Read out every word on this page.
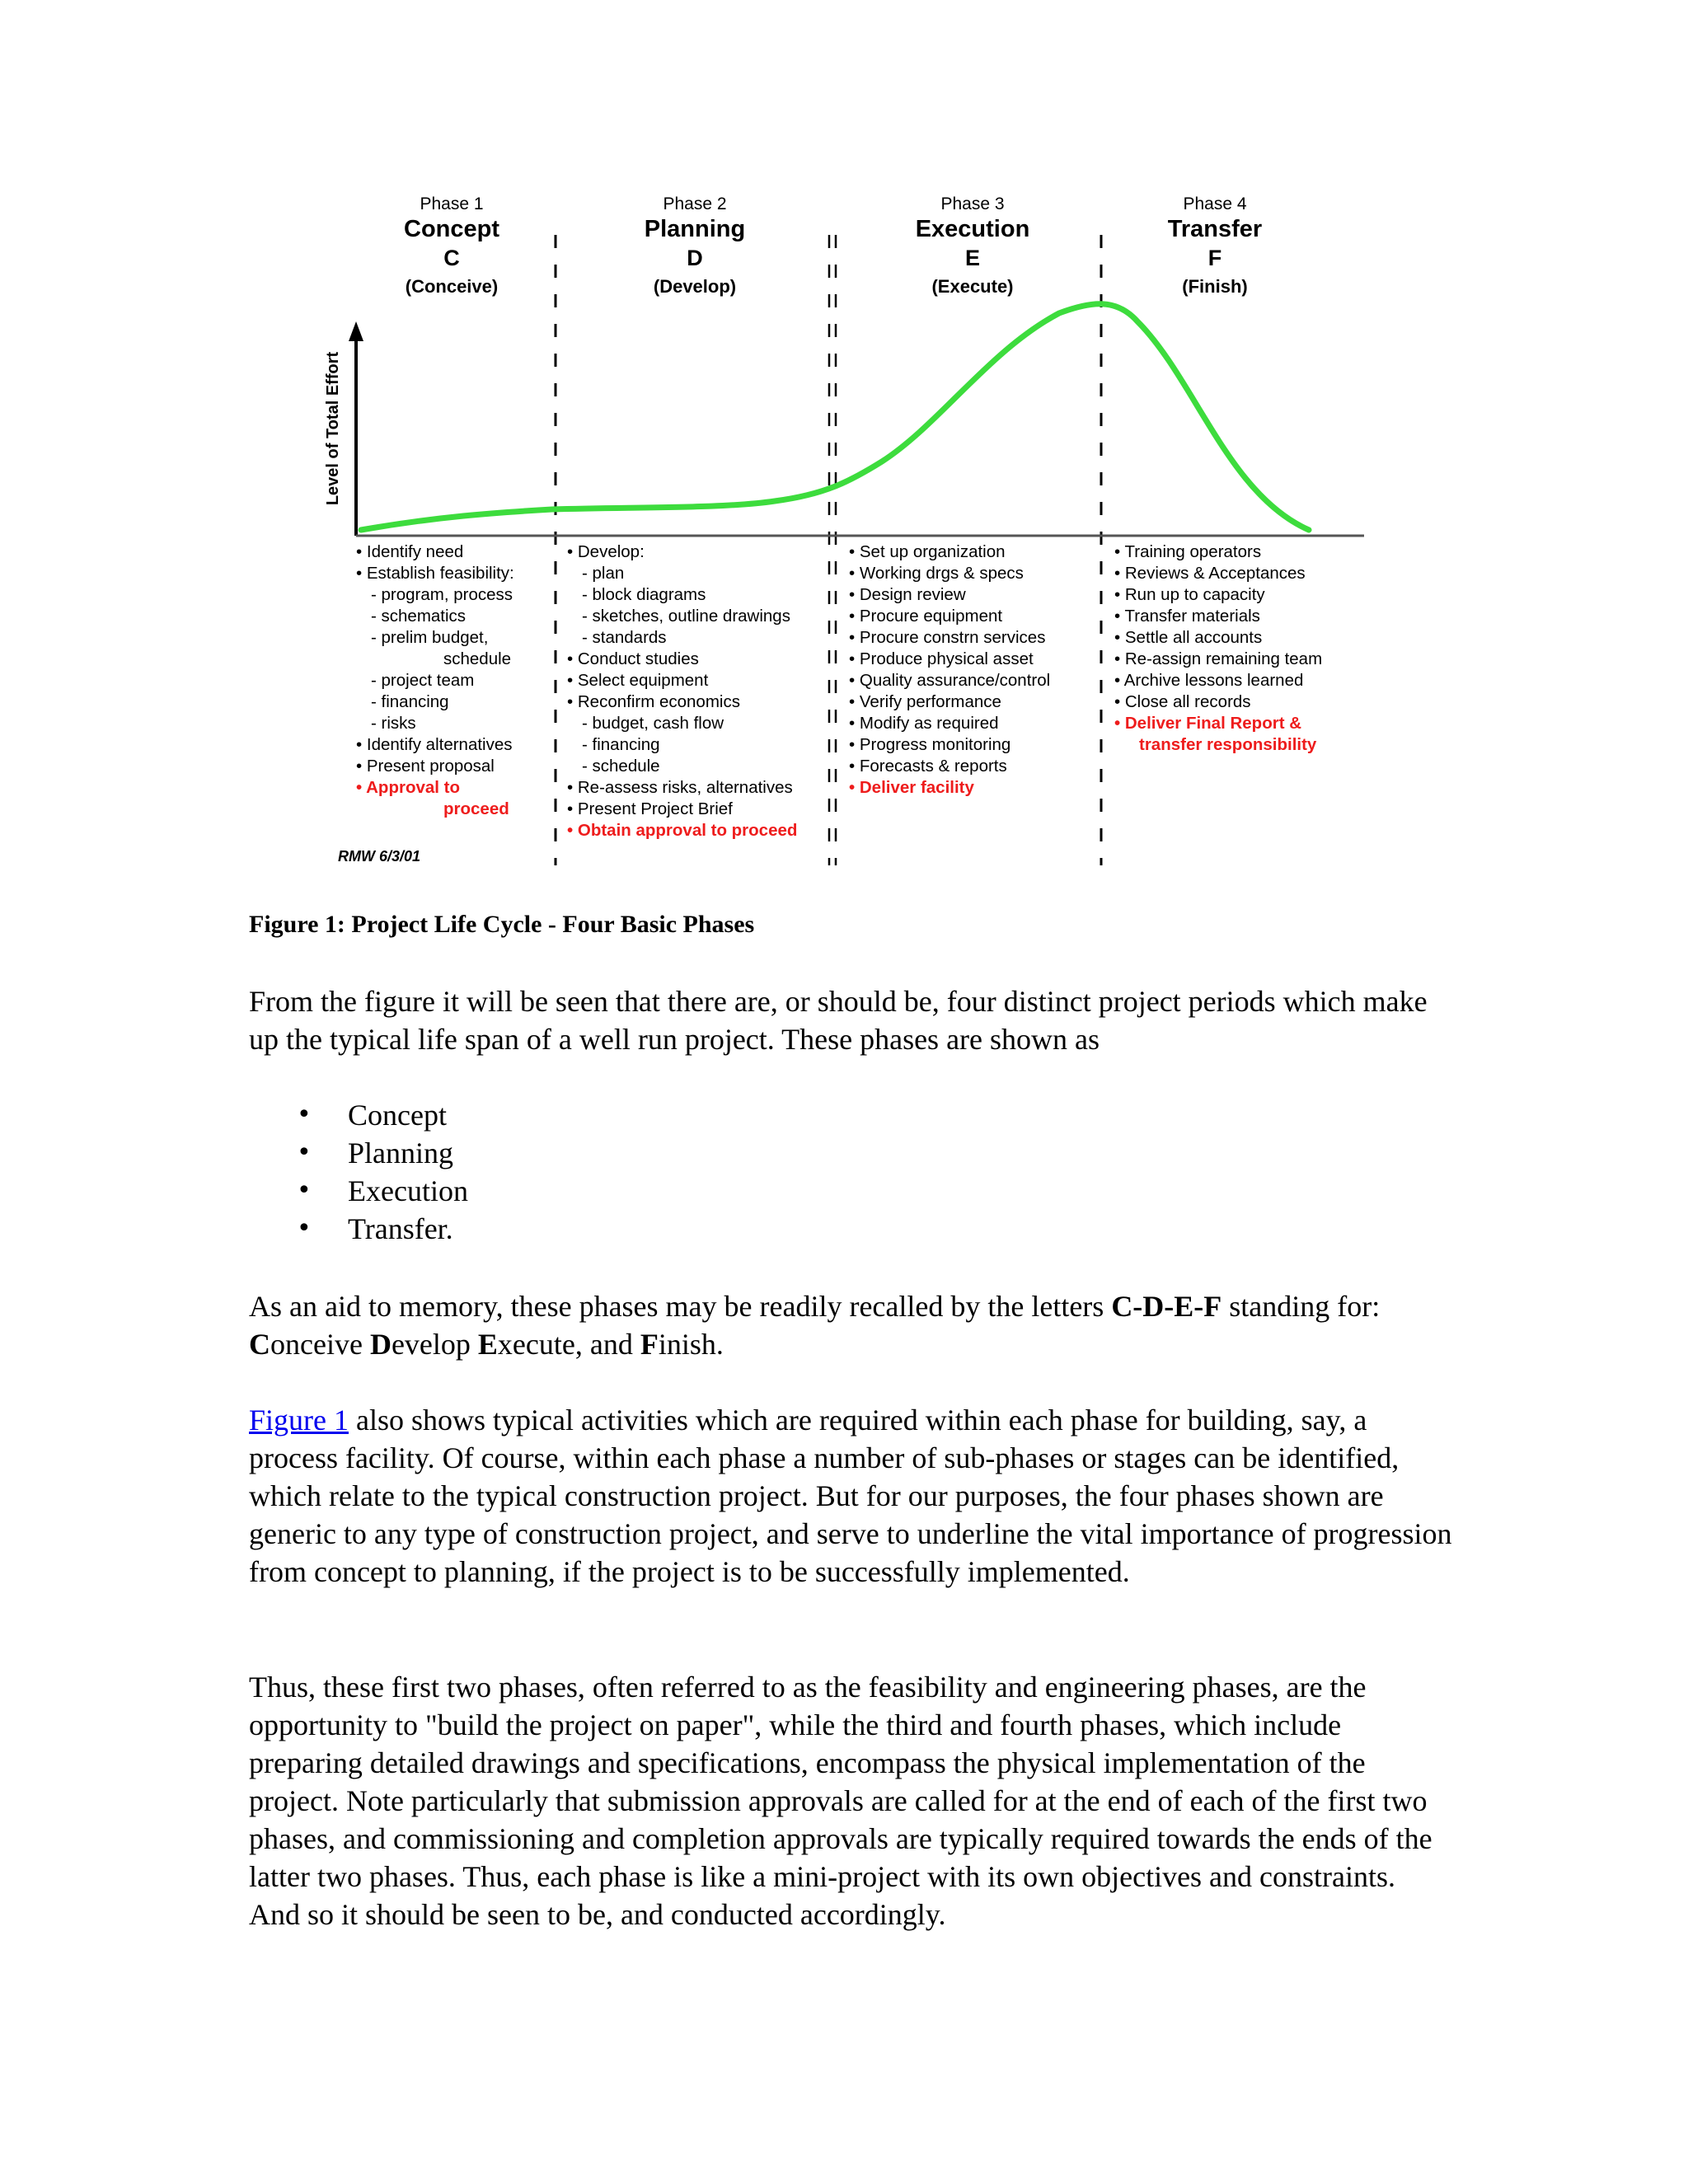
Phase 1
Concept
C
(Conceive)
Phase 2
Planning
D
(Develop)
Phase 3
Execution
E
(Execute)
Phase 4
Transfer
F
(Finish)
Level of Total Effort
• Identify need
• Establish feasibility:
- program, process
- schematics
- prelim budget,
schedule
- project team
- financing
- risks
• Identify alternatives
• Present proposal
• Approval to
proceed
• Develop:
- plan
- block diagrams
- sketches, outline drawings
- standards
• Conduct studies
• Select equipment
• Reconfirm economics
- budget, cash flow
- financing
- schedule
• Re-assess risks, alternatives
• Present Project Brief
• Obtain approval to proceed
• Set up organization
• Working drgs & specs
• Design review
• Procure equipment
• Procure constrn services
• Produce physical asset
• Quality assurance/control
• Verify performance
• Modify as required
• Progress monitoring
• Forecasts & reports
• Deliver facility
• Training operators
• Reviews & Acceptances
• Run up to capacity
• Transfer materials
• Settle all accounts
• Re-assign remaining team
• Archive lessons learned
• Close all records
• Deliver Final Report &
transfer responsibility
RMW 6/3/01
Figure 1: Project Life Cycle - Four Basic Phases
From the figure it will be seen that there are, or should be, four distinct project periods which make up the typical life span of a well run project. These phases are shown as
• Concept
• Planning
• Execution
• Transfer.
As an aid to memory, these phases may be readily recalled by the letters C-D-E-F standing for: Conceive Develop Execute, and Finish.
Figure 1 also shows typical activities which are required within each phase for building, say, a process facility. Of course, within each phase a number of sub-phases or stages can be identified, which relate to the typical construction project. But for our purposes, the four phases shown are generic to any type of construction project, and serve to underline the vital importance of progression from concept to planning, if the project is to be successfully implemented.
Thus, these first two phases, often referred to as the feasibility and engineering phases, are the opportunity to "build the project on paper", while the third and fourth phases, which include preparing detailed drawings and specifications, encompass the physical implementation of the project. Note particularly that submission approvals are called for at the end of each of the first two phases, and commissioning and completion approvals are typically required towards the ends of the latter two phases. Thus, each phase is like a mini-project with its own objectives and constraints. And so it should be seen to be, and conducted accordingly.
